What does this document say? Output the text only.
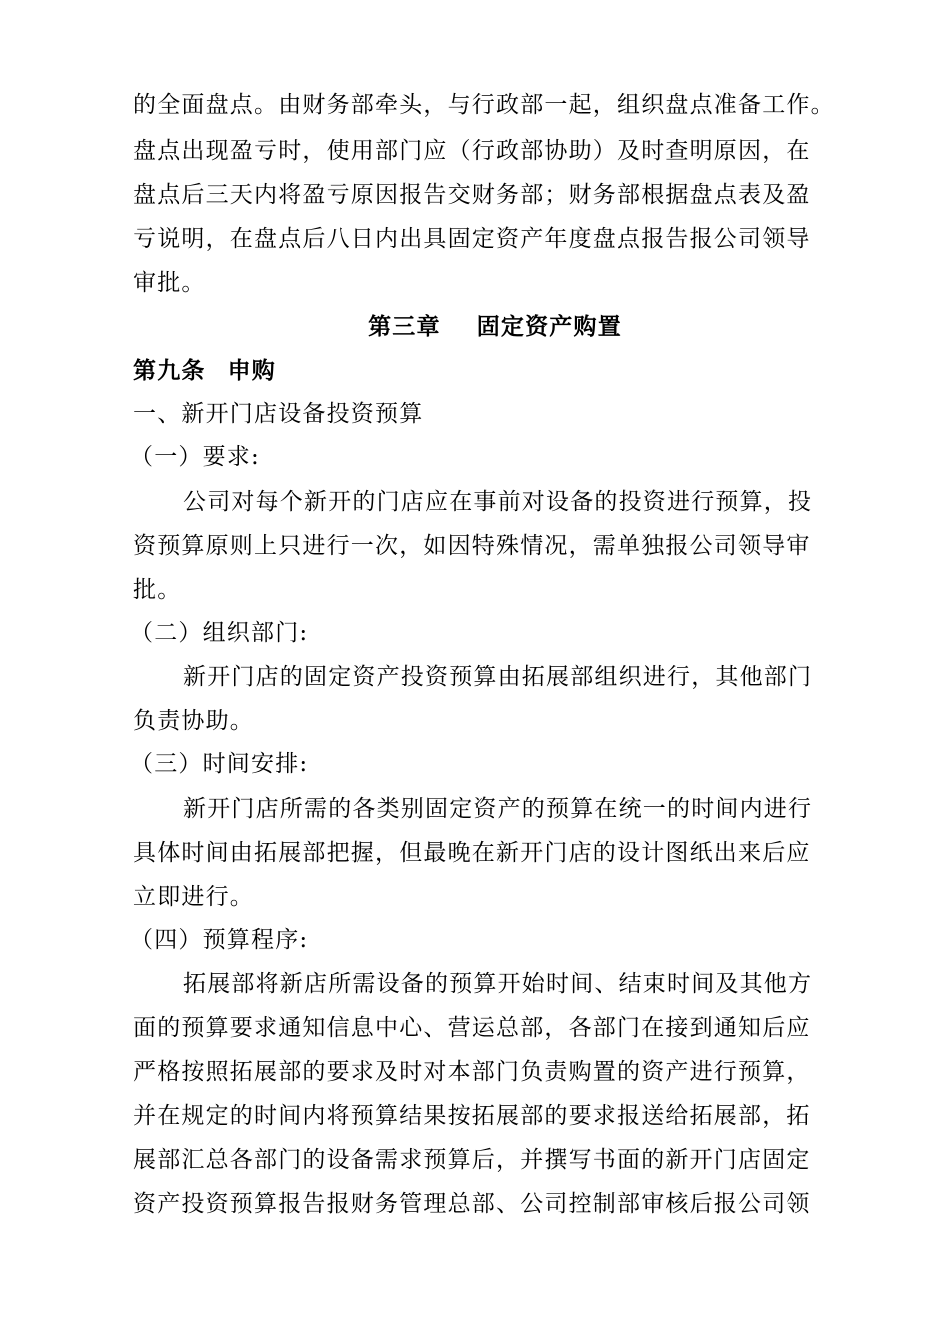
的全面盘点。由财务部牵头，与行政部一起，组织盘点准备工作。
盘点出现盈亏时，使用部门应（行政部协助）及时查明原因，在
盘点后三天内将盈亏原因报告交财务部；财务部根据盘点表及盈
亏说明，在盘点后八日内出具固定资产年度盘点报告报公司领导
审批。
第三章 固定资产购置
第九条 申购
一、新开门店设备投资预算
（一）要求:
公司对每个新开的门店应在事前对设备的投资进行预算，投
资预算原则上只进行一次，如因特殊情况，需单独报公司领导审
批。
（二）组织部门:
新开门店的固定资产投资预算由拓展部组织进行，其他部门
负责协助。
（三）时间安排:
新开门店所需的各类别固定资产的预算在统一的时间内进行
具体时间由拓展部把握，但最晚在新开门店的设计图纸出来后应
立即进行。
（四）预算程序:
拓展部将新店所需设备的预算开始时间、结束时间及其他方
面的预算要求通知信息中心、营运总部，各部门在接到通知后应
严格按照拓展部的要求及时对本部门负责购置的资产进行预算，
并在规定的时间内将预算结果按拓展部的要求报送给拓展部，拓
展部汇总各部门的设备需求预算后，并撰写书面的新开门店固定
资产投资预算报告报财务管理总部、公司控制部审核后报公司领
